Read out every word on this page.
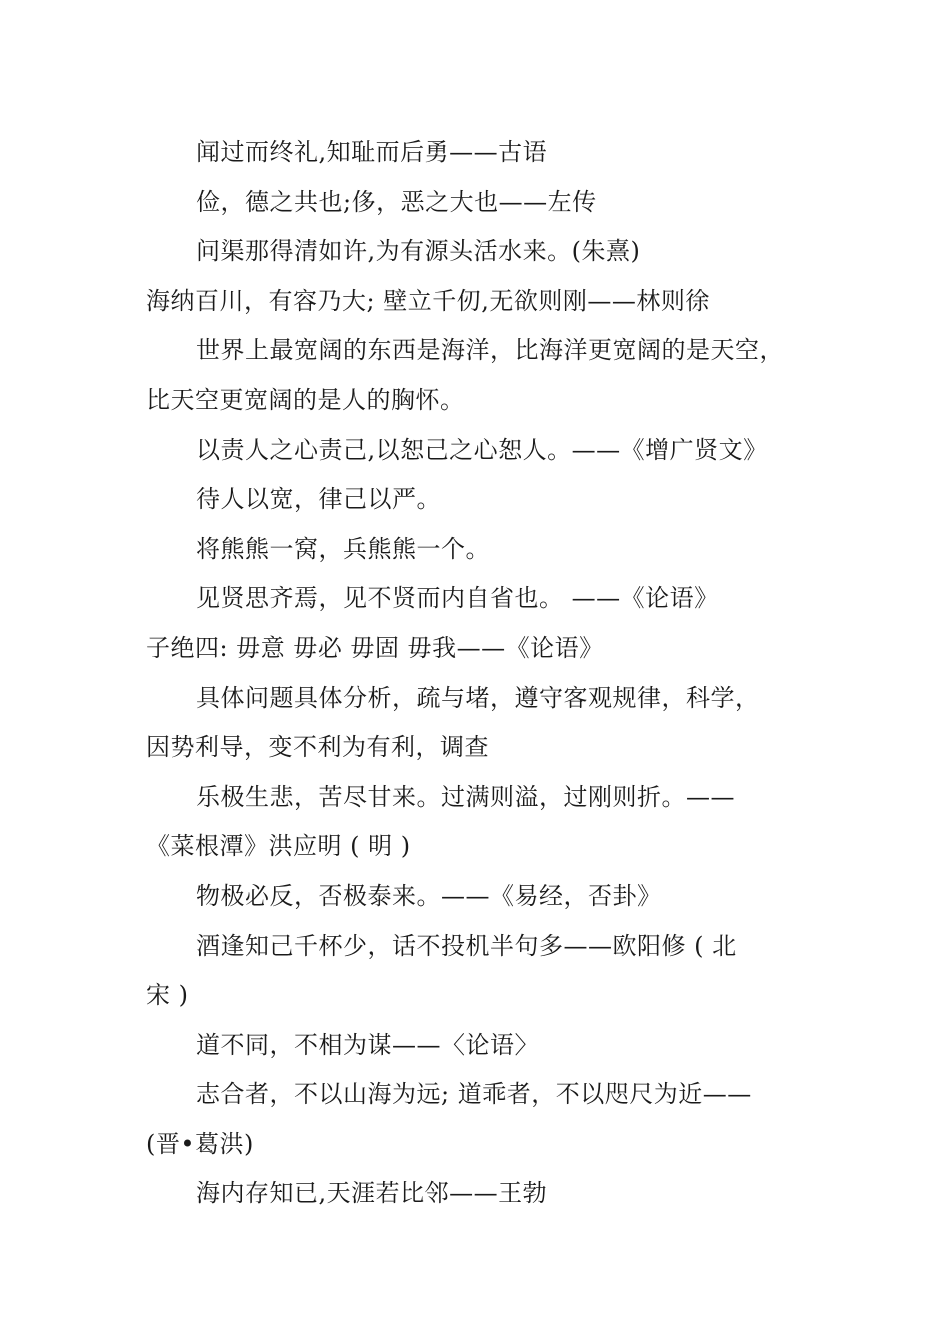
闻过而终礼,知耻而后勇——古语

俭，德之共也;侈，恶之大也——左传

问渠那得清如许,为有源头活水来。(朱熹)

海纳百川，有容乃大; 壁立千仞,无欲则刚——林则徐

世界上最宽阔的东西是海洋，比海洋更宽阔的是天空，

比天空更宽阔的是人的胸怀。

以责人之心责己,以恕己之心恕人。——《增广贤文》

待人以宽，律己以严。

将熊熊一窝，兵熊熊一个。

见贤思齐焉，见不贤而内自省也。 ——《论语》

子绝四: 毋意 毋必 毋固 毋我——《论语》

具体问题具体分析，疏与堵，遵守客观规律，科学，

因势利导，变不利为有利，调查

乐极生悲，苦尽甘来。过满则溢，过刚则折。——

《菜根潭》洪应明 ( 明 )

物极必反，否极泰来。——《易经，否卦》

酒逢知己千杯少，话不投机半句多——欧阳修 ( 北

宋 )

道不同，不相为谋——〈论语〉

志合者，不以山海为远; 道乖者，不以咫尺为近——

(晋•葛洪)

海内存知已,天涯若比邻——王勃
